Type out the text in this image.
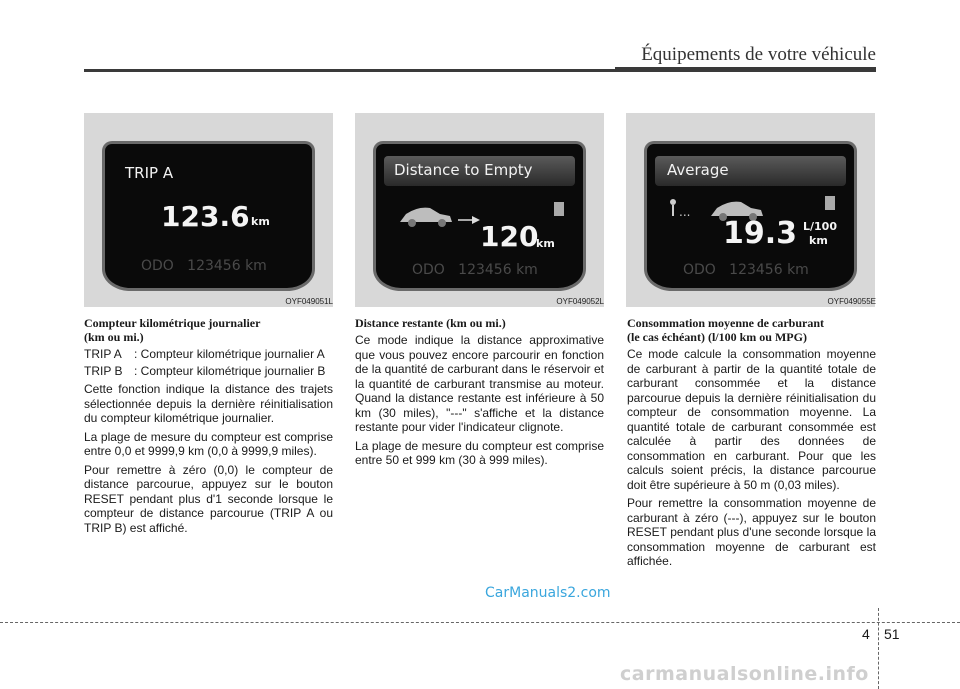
Équipements de votre véhicule
TRIP A
123.6 km
ODO   123456 km
OYF049051L
Distance to Empty
120
km
ODO   123456 km
OYF049052L
Average
...
19.3 L/100
km
ODO   123456 km
OYF049055E
Compteur kilométrique journalier
(km ou mi.)
TRIP A	: Compteur kilométrique journalier A
TRIP B : Compteur kilométrique journalier B

Cette fonction indique la distance des trajets sélectionnée depuis la dernière réinitialisation du compteur kilométrique journalier.

La plage de mesure du compteur est comprise entre 0,0 et 9999,9 km (0,0 à 9999,9 miles).

Pour remettre à zéro (0,0) le compteur de distance parcourue, appuyez sur le bouton RESET pendant plus d'1 seconde lorsque le compteur de distance parcourue (TRIP A ou TRIP B) est affiché.

Distance restante (km ou mi.)

Ce mode indique la distance approximative que vous pouvez encore parcourir en fonction de la quantité de carburant dans le réservoir et la quantité de carburant transmise au moteur. Quand la distance restante est inférieure à 50 km (30 miles), "---" s'affiche et la distance restante pour vider l'indicateur clignote.

La plage de mesure du compteur est comprise entre 50 et 999 km (30 à 999 miles).

Consommation moyenne de carburant
(le cas échéant) (l/100 km ou MPG)

Ce mode calcule la consommation moyenne de carburant à partir de la quantité totale de carburant consommée et la distance parcourue depuis la dernière réinitialisation du compteur de consommation moyenne. La quantité totale de carburant consommée est calculée à partir des données de consommation en carburant. Pour que les calculs soient précis, la distance parcourue doit être supérieure à 50 m (0,03 miles).

Pour remettre la consommation moyenne de carburant à zéro (---), appuyez sur le bouton RESET pendant plus d'une seconde lorsque la consommation moyenne de carburant est affichée.

CarManuals2.com
4 51
carmanualsonline.info
